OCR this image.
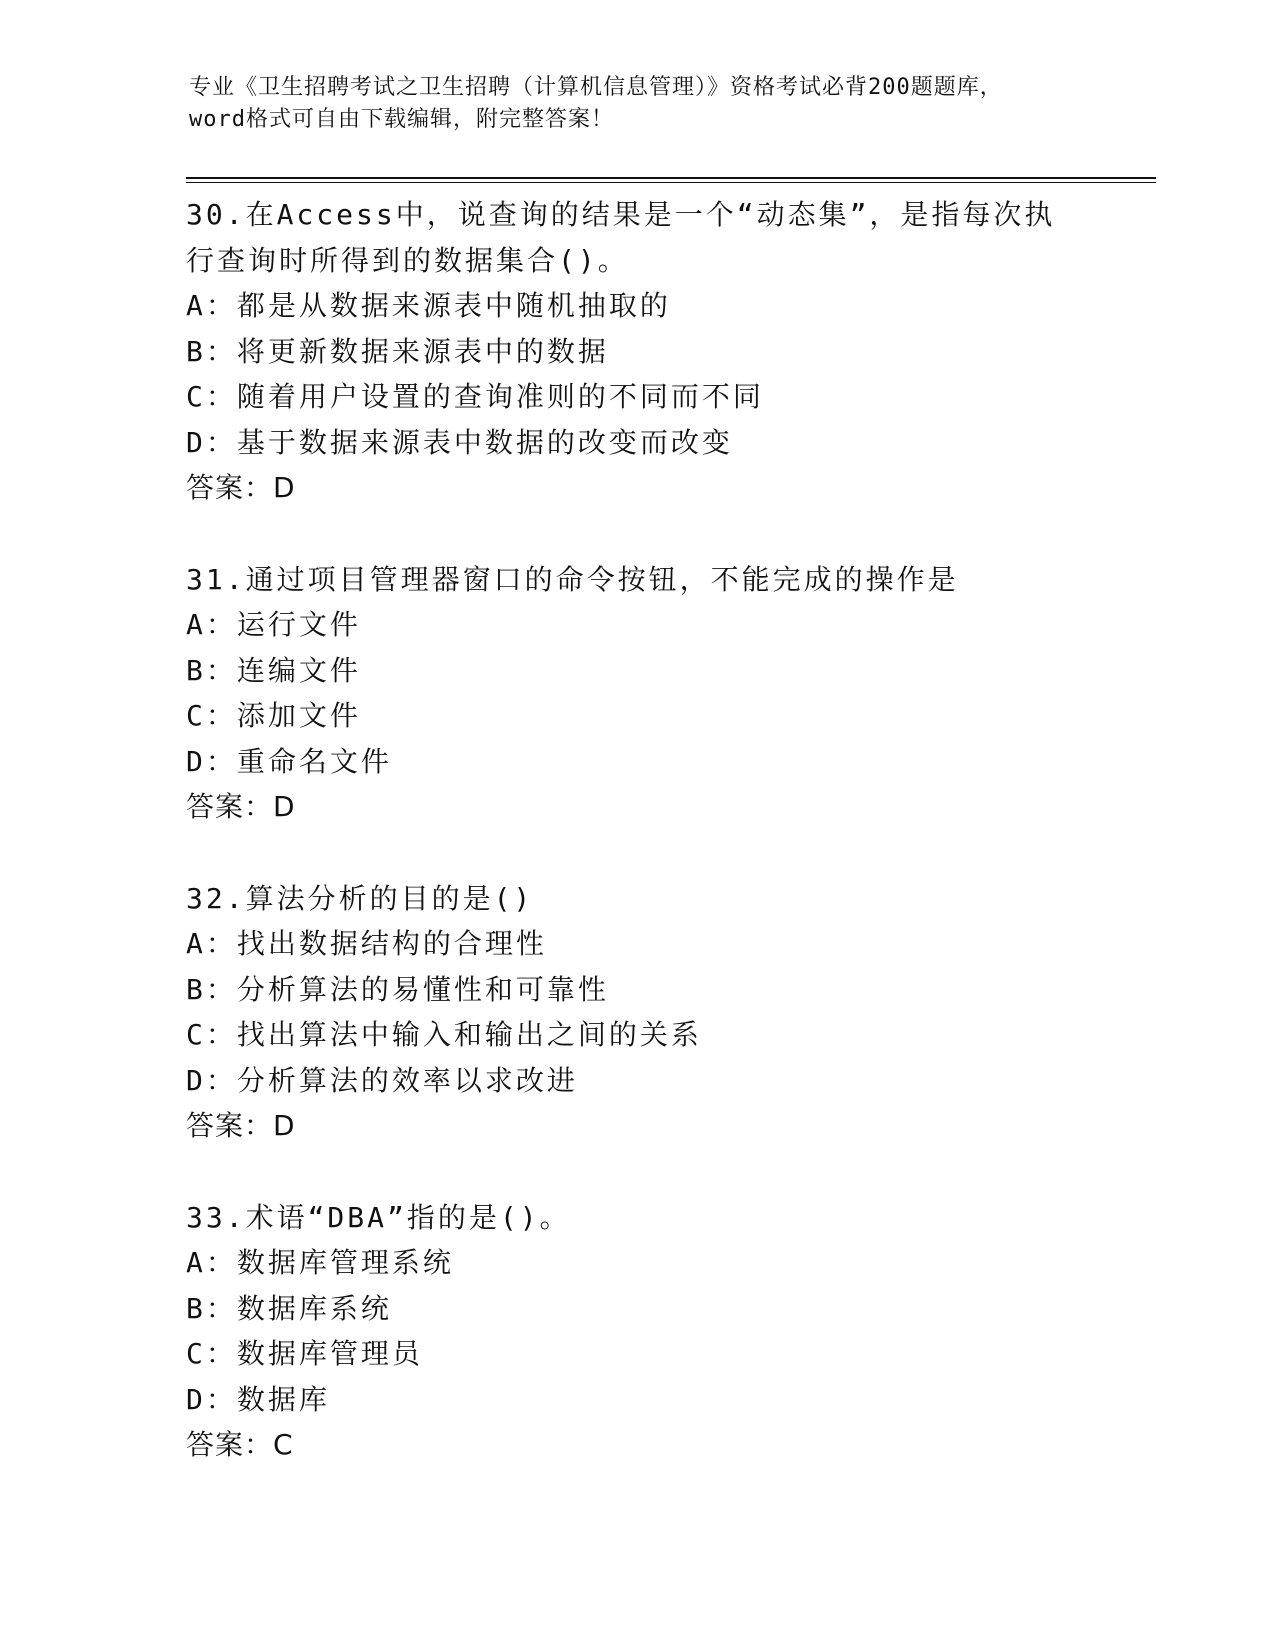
专业《卫生招聘考试之卫生招聘（计算机信息管理）》资格考试必背200题题库，
word格式可自由下载编辑，附完整答案！
30.在Access中，说查询的结果是一个“动态集”，是指每次执行查询时所得到的数据集合()。
A：都是从数据来源表中随机抽取的
B：将更新数据来源表中的数据
C：随着用户设置的查询准则的不同而不同
D：基于数据来源表中数据的改变而改变
答案：D
31.通过项目管理器窗口的命令按钮，不能完成的操作是
A：运行文件
B：连编文件
C：添加文件
D：重命名文件
答案：D
32.算法分析的目的是()
A：找出数据结构的合理性
B：分析算法的易懂性和可靠性
C：找出算法中输入和输出之间的关系
D：分析算法的效率以求改进
答案：D
33.术语“DBA”指的是()。
A：数据库管理系统
B：数据库系统
C：数据库管理员
D：数据库
答案：C
